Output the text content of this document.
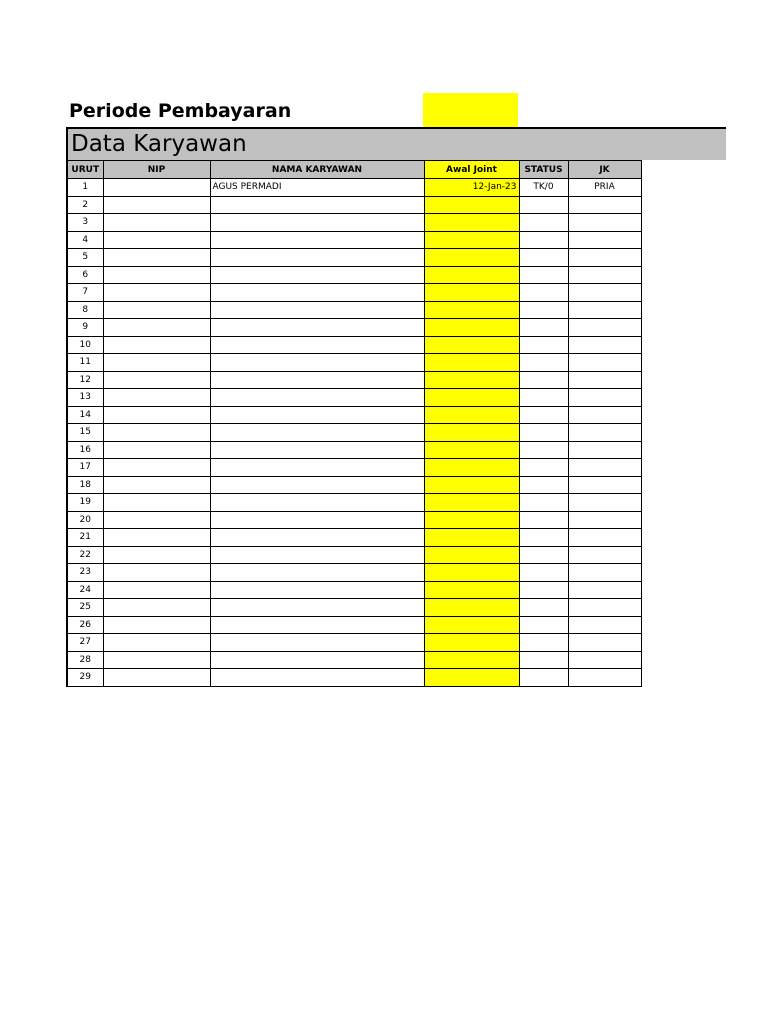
Periode Pembayaran
Data Karyawan
URUT	NIP	NAMA KARYAWAN	Awal Joint	STATUS	JK
1		AGUS PERMADI	12-Jan-23	TK/0	PRIA
2					
3					
4					
5					
6					
7					
8					
9					
10					
11					
12					
13					
14					
15					
16					
17					
18					
19					
20					
21					
22					
23					
24					
25					
26					
27					
28					
29					
